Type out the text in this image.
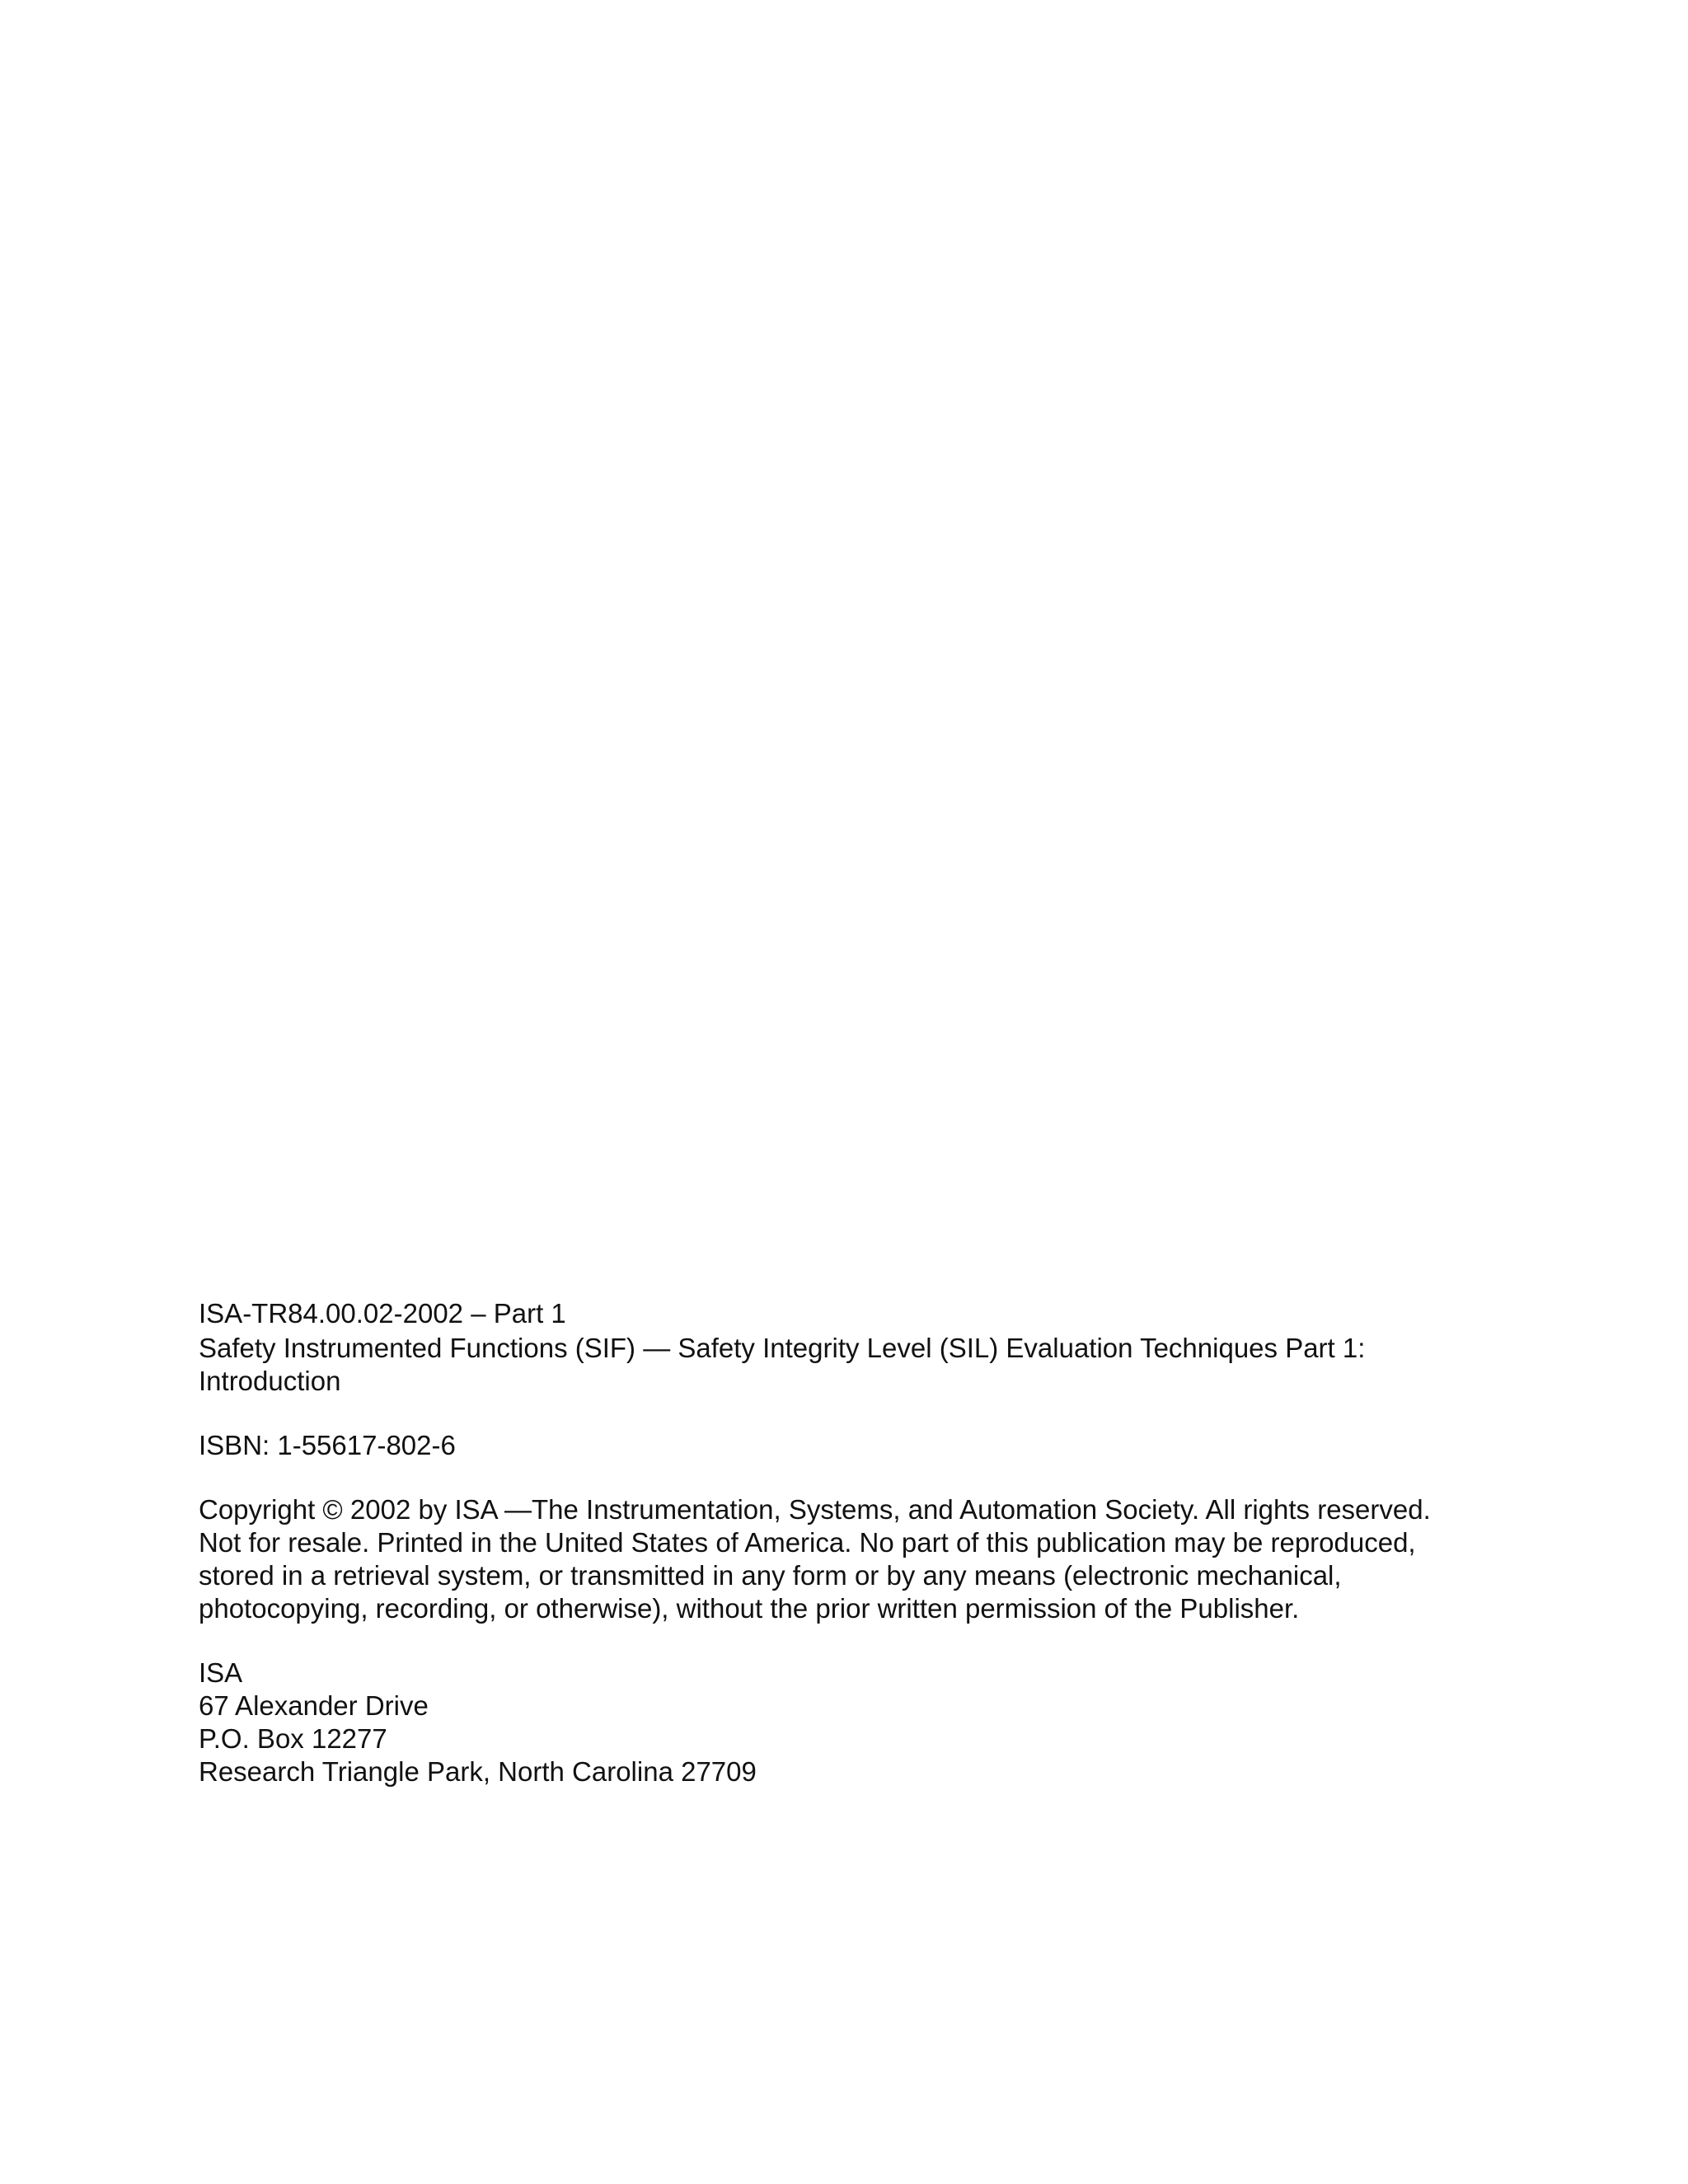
ISA-TR84.00.02-2002 – Part 1

Safety Instrumented Functions (SIF) — Safety Integrity Level (SIL) Evaluation Techniques Part 1:

Introduction

ISBN: 1-55617-802-6

Copyright © 2002 by ISA —The Instrumentation, Systems, and Automation Society. All rights reserved.

Not for resale. Printed in the United States of America. No part of this publication may be reproduced,

stored in a retrieval system, or transmitted in any form or by any means (electronic mechanical,

photocopying, recording, or otherwise), without the prior written permission of the Publisher.

ISA

67 Alexander Drive

P.O. Box 12277

Research Triangle Park, North Carolina 27709
